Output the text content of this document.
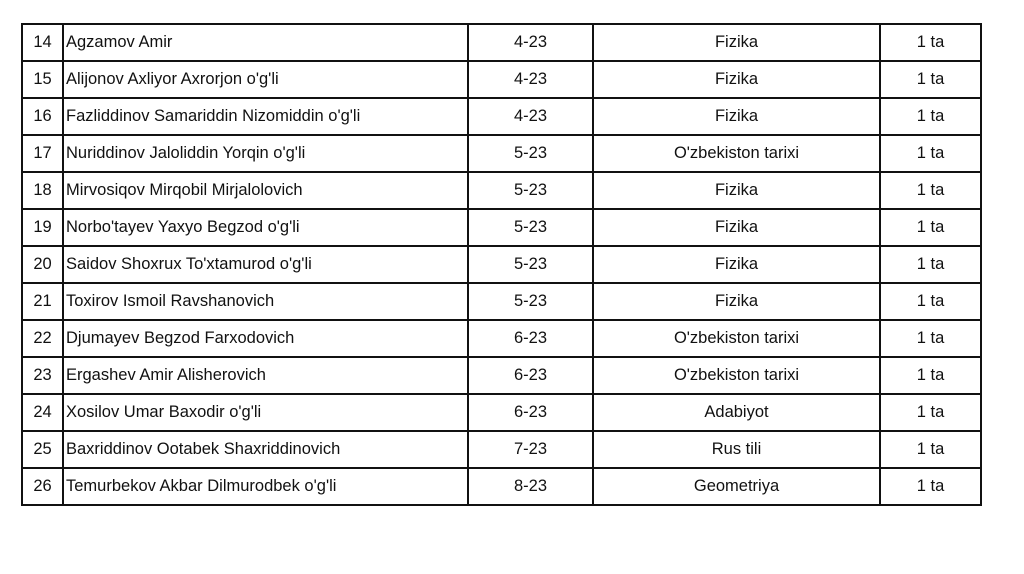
14	Agzamov Amir	4-23	Fizika	1 ta
15	Alijonov Axliyor Axrorjon o'g'li	4-23	Fizika	1 ta
16	Fazliddinov Samariddin Nizomiddin o'g'li	4-23	Fizika	1 ta
17	Nuriddinov Jaloliddin Yorqin o'g'li	5-23	O'zbekiston tarixi	1 ta
18	Mirvosiqov Mirqobil Mirjalolovich	5-23	Fizika	1 ta
19	Norbo'tayev Yaxyo Begzod o'g'li	5-23	Fizika	1 ta
20	Saidov Shoxrux To'xtamurod o'g'li	5-23	Fizika	1 ta
21	Toxirov Ismoil Ravshanovich	5-23	Fizika	1 ta
22	Djumayev Begzod Farxodovich	6-23	O'zbekiston tarixi	1 ta
23	Ergashev Amir Alisherovich	6-23	O'zbekiston tarixi	1 ta
24	Xosilov Umar Baxodir o'g'li	6-23	Adabiyot	1 ta
25	Baxriddinov Ootabek Shaxriddinovich	7-23	Rus tili	1 ta
26	Temurbekov Akbar Dilmurodbek o'g'li	8-23	Geometriya	1 ta
